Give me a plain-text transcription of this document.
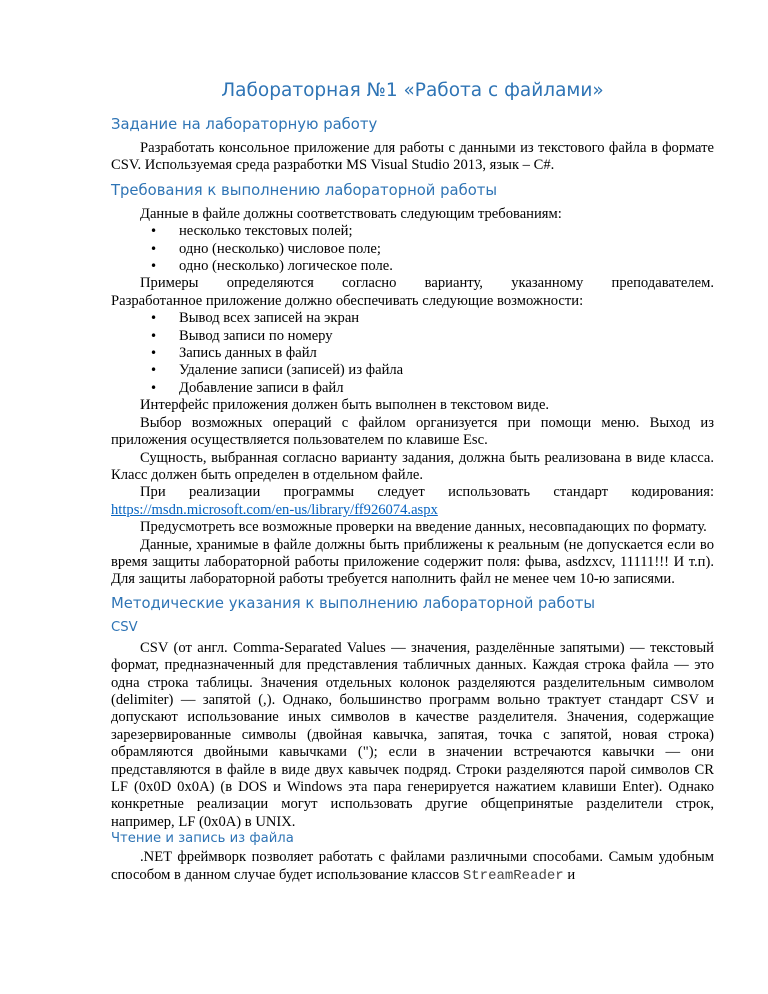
Лабораторная №1 «Работа с файлами»
Задание на лабораторную работу

Разработать консольное приложение для работы с данными из текстового файла в формате CSV. Используемая среда разработки MS Visual Studio 2013, язык – C#.

Требования к выполнению лабораторной работы

Данные в файле должны соответствовать следующим требованиям:

• несколько текстовых полей;
• одно (несколько) числовое поле;
• одно (несколько) логическое поле.

Примеры определяются согласно варианту, указанному преподавателем.

Разработанное приложение должно обеспечивать следующие возможности:

• Вывод всех записей на экран
• Вывод записи по номеру
• Запись данных в файл
• Удаление записи (записей) из файла
• Добавление записи в файл

Интерфейс приложения должен быть выполнен в текстовом виде.

Выбор возможных операций с файлом организуется при помощи меню. Выход из приложения осуществляется пользователем по клавише Esc.

Сущность, выбранная согласно варианту задания, должна быть реализована в виде класса. Класс должен быть определен в отдельном файле.

При реализации программы следует использовать стандарт кодирования:

https://msdn.microsoft.com/en-us/library/ff926074.aspx

Предусмотреть все возможные проверки на введение данных, несовпадающих по формату.

Данные, хранимые в файле должны быть приближены к реальным (не допускается если во время защиты лабораторной работы приложение содержит поля: фыва, asdzxcv, 11111!!! И т.п). Для защиты лабораторной работы требуется наполнить файл не менее чем 10-ю записями.

Методические указания к выполнению лабораторной работы
CSV

CSV (от англ. Comma-Separated Values — значения, разделённые запятыми) — текстовый формат, предназначенный для представления табличных данных. Каждая строка файла — это одна строка таблицы. Значения отдельных колонок разделяются разделительным символом (delimiter) — запятой (,). Однако, большинство программ вольно трактует стандарт CSV и допускают использование иных символов в качестве разделителя. Значения, содержащие зарезервированные символы (двойная кавычка, запятая, точка с запятой, новая строка) обрамляются двойными кавычками ("); если в значении встречаются кавычки — они представляются в файле в виде двух кавычек подряд. Строки разделяются парой символов CR LF (0x0D 0x0A) (в DOS и Windows эта пара генерируется нажатием клавиши Enter). Однако конкретные реализации могут использовать другие общепринятые разделители строк, например, LF (0x0A) в UNIX.

Чтение и запись из файла

.NET фреймворк позволяет работать с файлами различными способами. Самым удобным способом в данном случае будет использование классов StreamReader и
